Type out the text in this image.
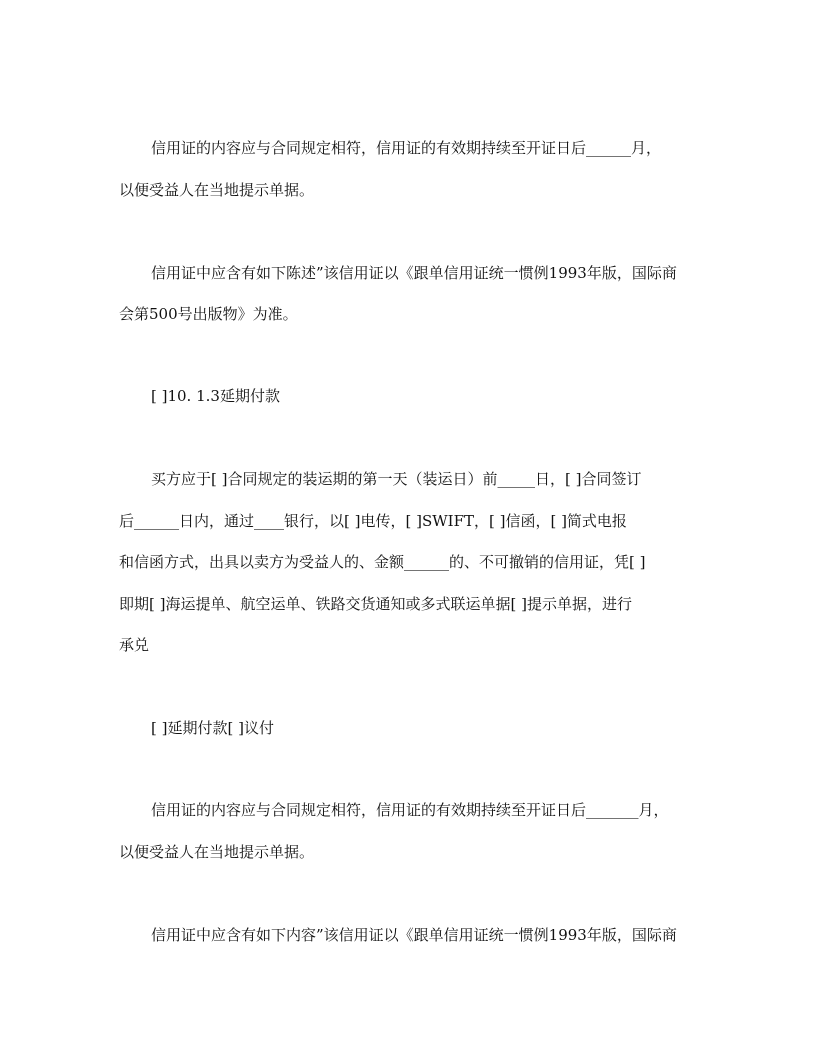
信用证的内容应与合同规定相符，信用证的有效期持续至开证日后______月，
以便受益人在当地提示单据。
信用证中应含有如下陈述”该信用证以《跟单信用证统一惯例1993年版，国际商
会第500号出版物》为准。
[ ]10. 1.3延期付款
买方应于[ ]合同规定的装运期的第一天（装运日）前_____日，[ ]合同签订
后______日内，通过____银行，以[ ]电传，[ ]SWIFT，[ ]信函，[ ]简式电报
和信函方式，出具以卖方为受益人的、金额______的、不可撤销的信用证，凭[ ]
即期[ ]海运提单、航空运单、铁路交货通知或多式联运单据[ ]提示单据，进行
承兑
[ ]延期付款[ ]议付
信用证的内容应与合同规定相符，信用证的有效期持续至开证日后_______月，
以便受益人在当地提示单据。
信用证中应含有如下内容”该信用证以《跟单信用证统一惯例1993年版，国际商
